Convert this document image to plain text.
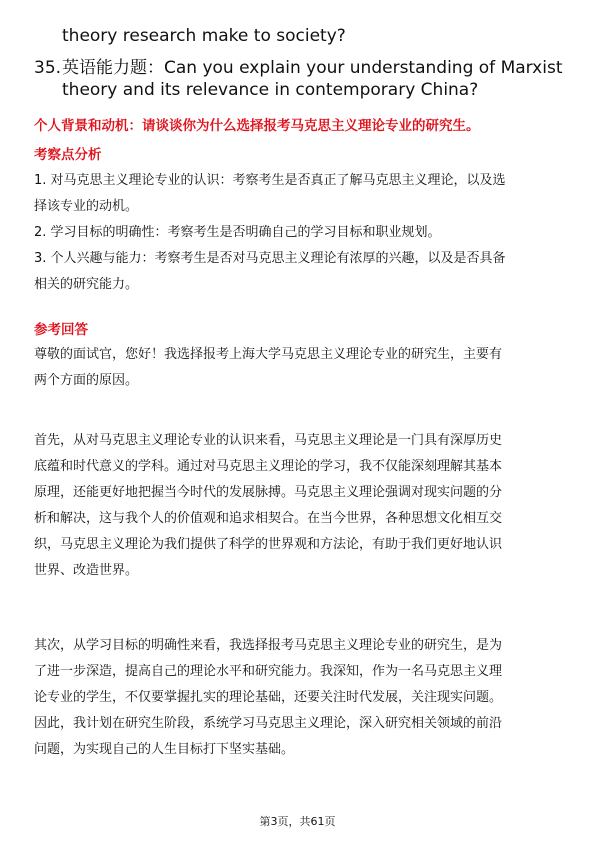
theory research make to society?
35. 英语能力题：Can you explain your understanding of Marxist
theory and its relevance in contemporary China?
个人背景和动机：请谈谈你为什么选择报考马克思主义理论专业的研究生。
考察点分析
1. 对马克思主义理论专业的认识：考察考生是否真正了解马克思主义理论，以及选
择该专业的动机。
2. 学习目标的明确性：考察考生是否明确自己的学习目标和职业规划。
3. 个人兴趣与能力：考察考生是否对马克思主义理论有浓厚的兴趣，以及是否具备
相关的研究能力。
参考回答
尊敬的面试官，您好！我选择报考上海大学马克思主义理论专业的研究生，主要有
两个方面的原因。
首先，从对马克思主义理论专业的认识来看，马克思主义理论是一门具有深厚历史
底蕴和时代意义的学科。通过对马克思主义理论的学习，我不仅能深刻理解其基本
原理，还能更好地把握当今时代的发展脉搏。马克思主义理论强调对现实问题的分
析和解决，这与我个人的价值观和追求相契合。在当今世界，各种思想文化相互交
织，马克思主义理论为我们提供了科学的世界观和方法论，有助于我们更好地认识
世界、改造世界。
其次，从学习目标的明确性来看，我选择报考马克思主义理论专业的研究生，是为
了进一步深造，提高自己的理论水平和研究能力。我深知，作为一名马克思主义理
论专业的学生，不仅要掌握扎实的理论基础，还要关注时代发展，关注现实问题。
因此，我计划在研究生阶段，系统学习马克思主义理论，深入研究相关领域的前沿
问题，为实现自己的人生目标打下坚实基础。
第3页，共61页
